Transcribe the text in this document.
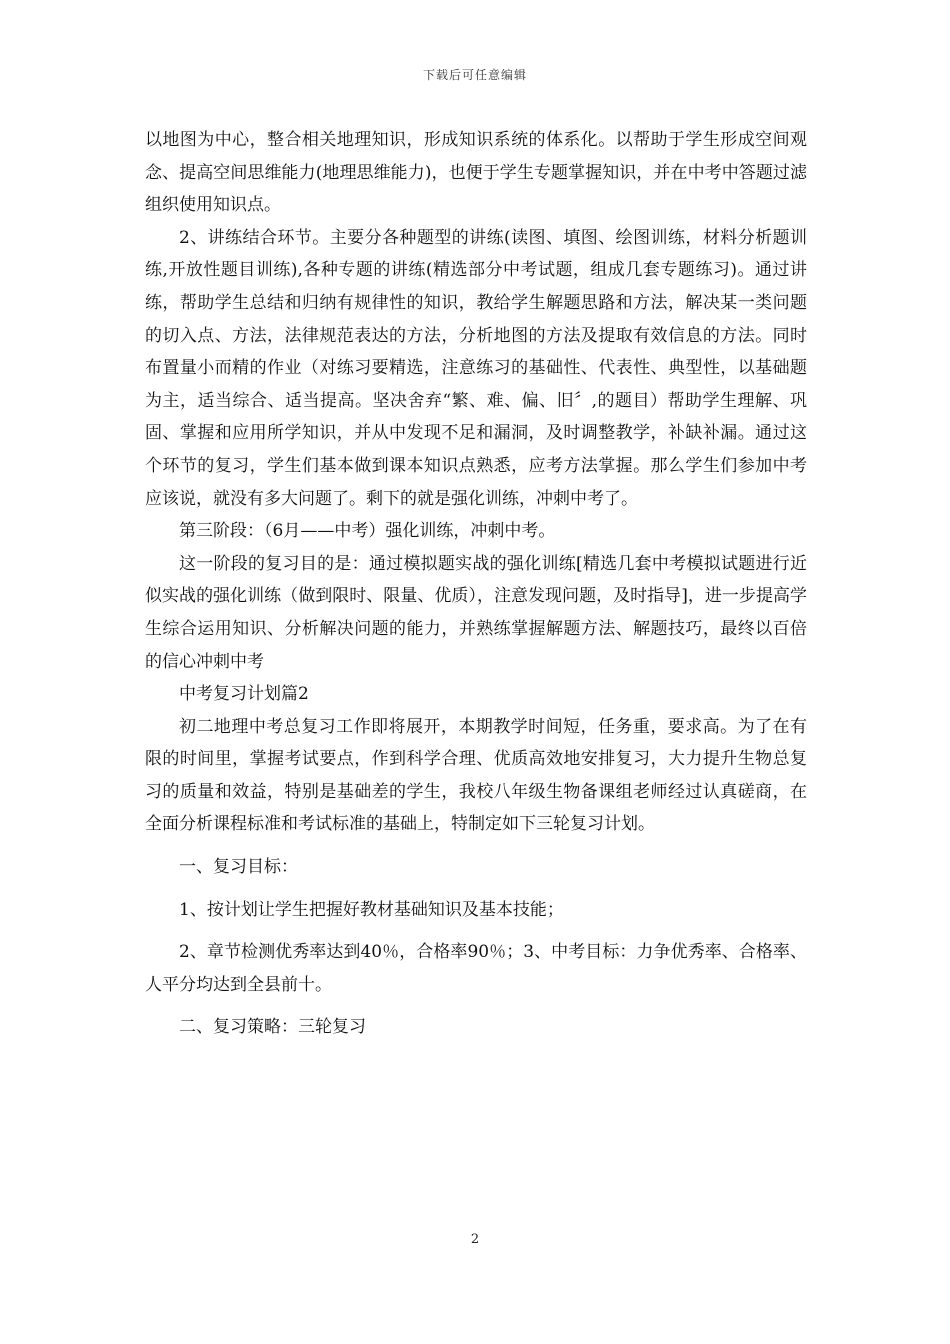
下载后可任意编辑

以地图为中心，整合相关地理知识，形成知识系统的体系化。以帮助于学生形成空间观念、提高空间思维能力(地理思维能力)，也便于学生专题掌握知识，并在中考中答题过滤组织使用知识点。

2、讲练结合环节。主要分各种题型的讲练(读图、填图、绘图训练，材料分析题训练,开放性题目训练),各种专题的讲练(精选部分中考试题，组成几套专题练习)。通过讲练，帮助学生总结和归纳有规律性的知识，教给学生解题思路和方法，解决某一类问题的切入点、方法，法律规范表达的方法，分析地图的方法及提取有效信息的方法。同时布置量小而精的作业（对练习要精选，注意练习的基础性、代表性、典型性，以基础题为主，适当综合、适当提高。坚决舍弃“繁、难、偏、旧〞,的题目）帮助学生理解、巩固、掌握和应用所学知识，并从中发现不足和漏洞，及时调整教学，补缺补漏。通过这个环节的复习，学生们基本做到课本知识点熟悉，应考方法掌握。那么学生们参加中考应该说，就没有多大问题了。剩下的就是强化训练，冲刺中考了。

第三阶段：（6月——中考）强化训练，冲刺中考。

这一阶段的复习目的是：通过模拟题实战的强化训练[精选几套中考模拟试题进行近似实战的强化训练（做到限时、限量、优质），注意发现问题，及时指导]，进一步提高学生综合运用知识、分析解决问题的能力，并熟练掌握解题方法、解题技巧，最终以百倍的信心冲刺中考

中考复习计划篇2

初二地理中考总复习工作即将展开，本期教学时间短，任务重，要求高。为了在有限的时间里，掌握考试要点，作到科学合理、优质高效地安排复习，大力提升生物总复习的质量和效益，特别是基础差的学生，我校八年级生物备课组老师经过认真磋商，在全面分析课程标准和考试标准的基础上，特制定如下三轮复习计划。

一、复习目标：

1、按计划让学生把握好教材基础知识及基本技能；

2、章节检测优秀率达到40％，合格率90％；3、中考目标：力争优秀率、合格率、人平分均达到全县前十。

二、复习策略：三轮复习

2
